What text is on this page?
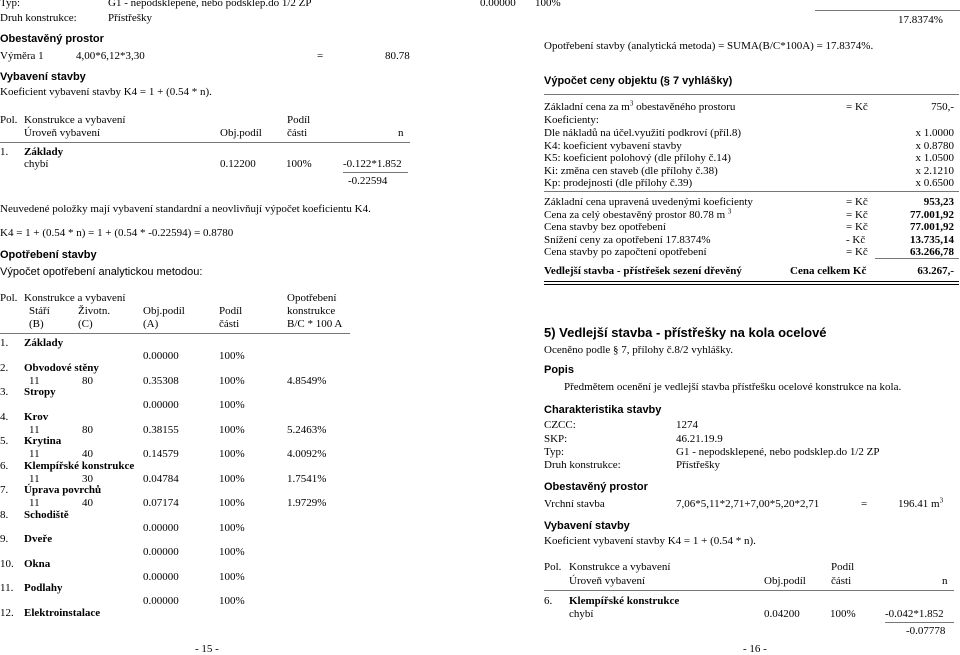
Typ:	G1 - nepodsklepené, nebo podsklep.do 1/2 ZP
Druh konstrukce:	Přístřešky
Obestavěný prostor
Výměra 1	4,00*6,12*3,30	=	80.78
Vybavení stavby
Koeficient vybavení stavby K4 = 1 + (0.54 * n).
Pol. Konstrukce a vybavení	Podíl
Úroveň vybavení	Obj.podíl části	n
1. Základy
chybí	0.12200	100%	-0.122*1.852
-0.22594
Neuvedené položky mají vybavení standardní a neovlivňují výpočet koeficientu K4.
K4 = 1 + (0.54 * n) = 1 + (0.54 * -0.22594) = 0.8780
Opotřebení stavby
Výpočet opotřebení analytickou metodou:
Pol. Konstrukce a vybavení	Opotřebení
Stáří	Životn.	Obj.podíl	Podíl	konstrukce
(B)	(C)	(A)	části	B/C * 100 A
1. Základy
0.00000	100%
2. Obvodové stěny
11	80	0.35308	100%	4.8549%
3. Stropy
0.00000	100%
4. Krov
11	80	0.38155	100%	5.2463%
5. Krytina
11	40	0.14579	100%	4.0092%
6. Klempířské konstrukce
11	30	0.04784	100%	1.7541%
7. Úprava povrchů
11	40	0.07174	100%	1.9729%
8. Schodiště
0.00000	100%
9. Dveře
0.00000	100%
10. Okna
0.00000	100%
11. Podlahy
0.00000	100%
12. Elektroinstalace
- 15 -
0.00000 100%
17.8374%
Opotřebení stavby (analytická metoda) = SUMA(B/C*100A) = 17.8374%.
Výpočet ceny objektu (§ 7 vyhlášky)
Základní cena za $m^3$ obestavěného prostoru	= Kč	750,-
Koeficienty:
Dle nákladů na účel.využití podkroví (příl.8)	x 1.0000
K4: koeficient vybavení stavby	x 0.8780
K5: koeficient polohový (dle přílohy č.14)	x 1.0500
Ki: změna cen staveb (dle přílohy č.38)	x 2.1210
Kp: prodejnosti (dle přílohy č.39)	x 0.6500
Základní cena upravená uvedenými koeficienty	= Kč	953,23
Cena za celý obestavěný prostor 80.78 m $^3$	= Kč	77.001,92
Cena stavby bez opotřebení	= Kč	77.001,92
Snížení ceny za opotřebení 17.8374%	- Kč	13.735,14
Cena stavby po započtení opotřebení	= Kč	63.266,78
Vedlejší stavba - přístřešek sezení dřevěný	Cena celkem Kč	63.267,-
5) Vedlejší stavba - přístřešky na kola ocelové
Oceněno podle § 7, přílohy č.8/2 vyhlášky.
Popis
Předmětem ocenění je vedlejší stavba přístřešku ocelové konstrukce na kola.
Charakteristika stavby
CZCC:	1274
SKP:	46.21.19.9
Typ:	G1 - nepodsklepené, nebo podsklep.do 1/2 ZP
Druh konstrukce:	Přístřešky
Obestavěný prostor
Vrchní stavba	7,06*5,11*2,71+7,00*5,20*2,71	=	196.41 $m^3$
Vybavení stavby
Koeficient vybavení stavby K4 = 1 + (0.54 * n).
Pol. Konstrukce a vybavení	Podíl
Úroveň vybavení	Obj.podíl části	n
6. Klempířské konstrukce
chybí	0.04200	100%	-0.042*1.852
-0.07778
- 16 -
